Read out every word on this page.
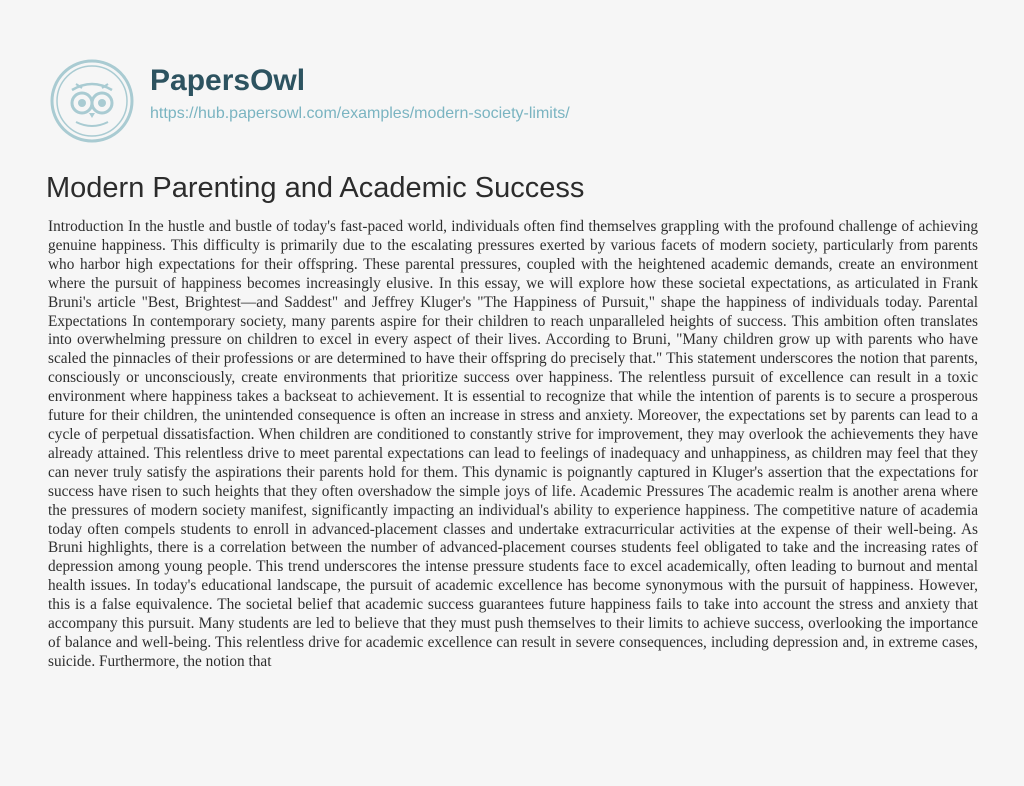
PapersOwl
https://hub.papersowl.com/examples/modern-society-limits/
Modern Parenting and Academic Success
Introduction In the hustle and bustle of today's fast-paced world, individuals often find themselves grappling with the profound challenge of achieving genuine happiness. This difficulty is primarily due to the escalating pressures exerted by various facets of modern society, particularly from parents who harbor high expectations for their offspring. These parental pressures, coupled with the heightened academic demands, create an environment where the pursuit of happiness becomes increasingly elusive. In this essay, we will explore how these societal expectations, as articulated in Frank Bruni's article "Best, Brightest—and Saddest" and Jeffrey Kluger's "The Happiness of Pursuit," shape the happiness of individuals today. Parental Expectations In contemporary society, many parents aspire for their children to reach unparalleled heights of success. This ambition often translates into overwhelming pressure on children to excel in every aspect of their lives. According to Bruni, "Many children grow up with parents who have scaled the pinnacles of their professions or are determined to have their offspring do precisely that." This statement underscores the notion that parents, consciously or unconsciously, create environments that prioritize success over happiness. The relentless pursuit of excellence can result in a toxic environment where happiness takes a backseat to achievement. It is essential to recognize that while the intention of parents is to secure a prosperous future for their children, the unintended consequence is often an increase in stress and anxiety. Moreover, the expectations set by parents can lead to a cycle of perpetual dissatisfaction. When children are conditioned to constantly strive for improvement, they may overlook the achievements they have already attained. This relentless drive to meet parental expectations can lead to feelings of inadequacy and unhappiness, as children may feel that they can never truly satisfy the aspirations their parents hold for them. This dynamic is poignantly captured in Kluger's assertion that the expectations for success have risen to such heights that they often overshadow the simple joys of life. Academic Pressures The academic realm is another arena where the pressures of modern society manifest, significantly impacting an individual's ability to experience happiness. The competitive nature of academia today often compels students to enroll in advanced-placement classes and undertake extracurricular activities at the expense of their well-being. As Bruni highlights, there is a correlation between the number of advanced-placement courses students feel obligated to take and the increasing rates of depression among young people. This trend underscores the intense pressure students face to excel academically, often leading to burnout and mental health issues. In today's educational landscape, the pursuit of academic excellence has become synonymous with the pursuit of happiness. However, this is a false equivalence. The societal belief that academic success guarantees future happiness fails to take into account the stress and anxiety that accompany this pursuit. Many students are led to believe that they must push themselves to their limits to achieve success, overlooking the importance of balance and well-being. This relentless drive for academic excellence can result in severe consequences, including depression and, in extreme cases, suicide. Furthermore, the notion that
